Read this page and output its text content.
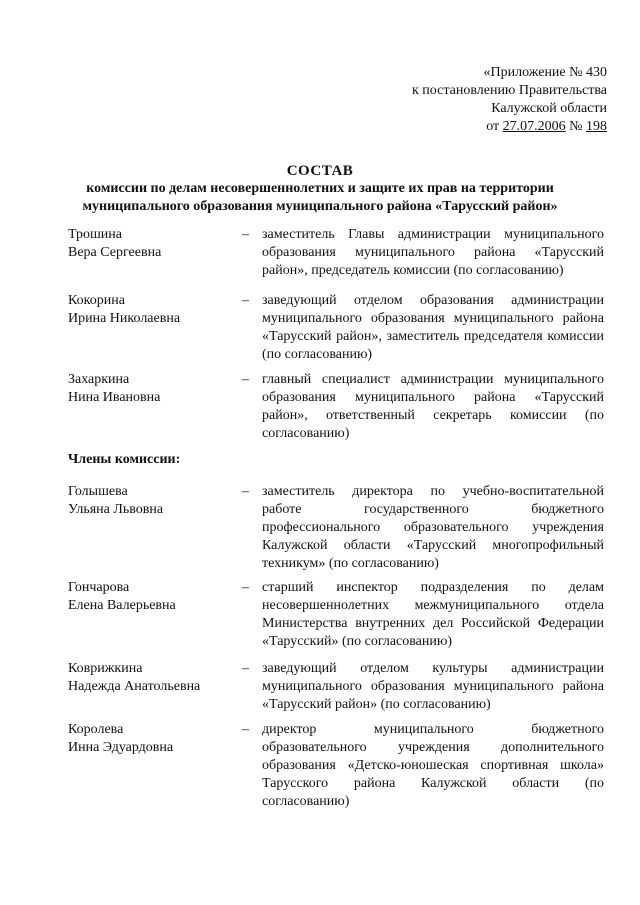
«Приложение № 430
к постановлению Правительства
Калужской области
от 27.07.2006 № 198
СОСТАВ
комиссии по делам несовершеннолетних и защите их прав на территории
муниципального образования муниципального района «Тарусский район»
Трошина
Вера Сергеевна
– заместитель Главы администрации муниципального образования муниципального района «Тарусский район», председатель комиссии (по согласованию)
Кокорина
Ирина Николаевна
– заведующий отделом образования администрации муниципального образования муниципального района «Тарусский район», заместитель председателя комиссии (по согласованию)
Захаркина
Нина Ивановна
– главный специалист администрации муниципального образования муниципального района «Тарусский район», ответственный секретарь комиссии (по согласованию)
Члены комиссии:
Голышева
Ульяна Львовна
– заместитель директора по учебно-воспитательной работе государственного бюджетного профессионального образовательного учреждения Калужской области «Тарусский многопрофильный техникум» (по согласованию)
Гончарова
Елена Валерьевна
– старший инспектор подразделения по делам несовершеннолетних межмуниципального отдела Министерства внутренних дел Российской Федерации «Тарусский» (по согласованию)
Коврижкина
Надежда Анатольевна
– заведующий отделом культуры администрации муниципального образования муниципального района «Тарусский район» (по согласованию)
Королева
Инна Эдуардовна
– директор муниципального бюджетного образовательного учреждения дополнительного образования «Детско-юношеская спортивная школа» Тарусского района Калужской области (по согласованию)
